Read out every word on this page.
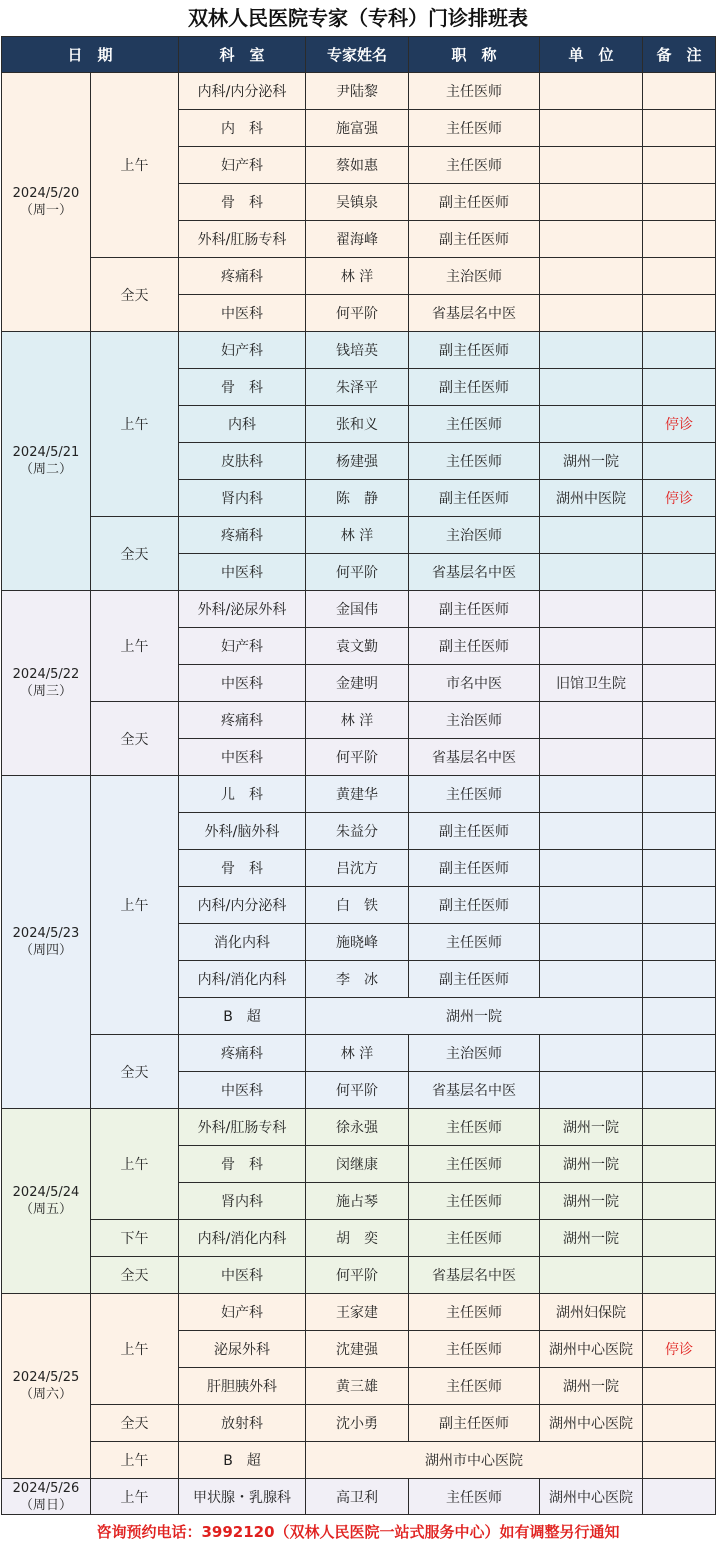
双林人民医院专家（专科）门诊排班表
日　期		科　室	专家姓名	职　称	单　位	备　注

2024/5/20
（周一）	上午	内科/内分泌科	尹陆黎	主任医师		
		内　科	施富强	主任医师		
		妇产科	蔡如惠	主任医师		
		骨　科	吴镇泉	副主任医师		
		外科/肛肠专科	翟海峰	副主任医师		
	全天	疼痛科	林 洋	主治医师		
		中医科	何平阶	省基层名中医		

2024/5/21
（周二）	上午	妇产科	钱培英	副主任医师		
		骨　科	朱泽平	副主任医师		
		内科	张和义	主任医师		停诊
		皮肤科	杨建强	主任医师	湖州一院	
		肾内科	陈　静	副主任医师	湖州中医院	停诊
	全天	疼痛科	林 洋	主治医师		
		中医科	何平阶	省基层名中医		

2024/5/22
（周三）	上午	外科/泌尿外科	金国伟	副主任医师		
		妇产科	袁文勤	副主任医师		
		中医科	金建明	市名中医	旧馆卫生院	
	全天	疼痛科	林 洋	主治医师		
		中医科	何平阶	省基层名中医		

2024/5/23
（周四）	上午	儿　科	黄建华	主任医师		
		外科/脑外科	朱益分	副主任医师		
		骨　科	吕沈方	副主任医师		
		内科/内分泌科	白　铁	副主任医师		
		消化内科	施晓峰	主任医师		
		内科/消化内科	李　冰	副主任医师		
		B　超	湖州一院			
	全天	疼痛科	林 洋	主治医师		
		中医科	何平阶	省基层名中医		

2024/5/24
（周五）	上午	外科/肛肠专科	徐永强	主任医师	湖州一院	
		骨　科	闵继康	主任医师	湖州一院	
		肾内科	施占琴	主任医师	湖州一院	
	下午	内科/消化内科	胡　奕	主任医师	湖州一院	
	全天	中医科	何平阶	省基层名中医		

2024/5/25
（周六）	上午	妇产科	王家建	主任医师	湖州妇保院	
		泌尿外科	沈建强	主任医师	湖州中心医院	停诊
		肝胆胰外科	黄三雄	主任医师	湖州一院	
	全天	放射科	沈小勇	副主任医师	湖州中心医院	
	上午	B　超	湖州市中心医院			

2024/5/26
（周日）	上午	甲状腺・乳腺科	高卫利	主任医师	湖州中心医院	
咨询预约电话：3992120（双林人民医院一站式服务中心）如有调整另行通知
